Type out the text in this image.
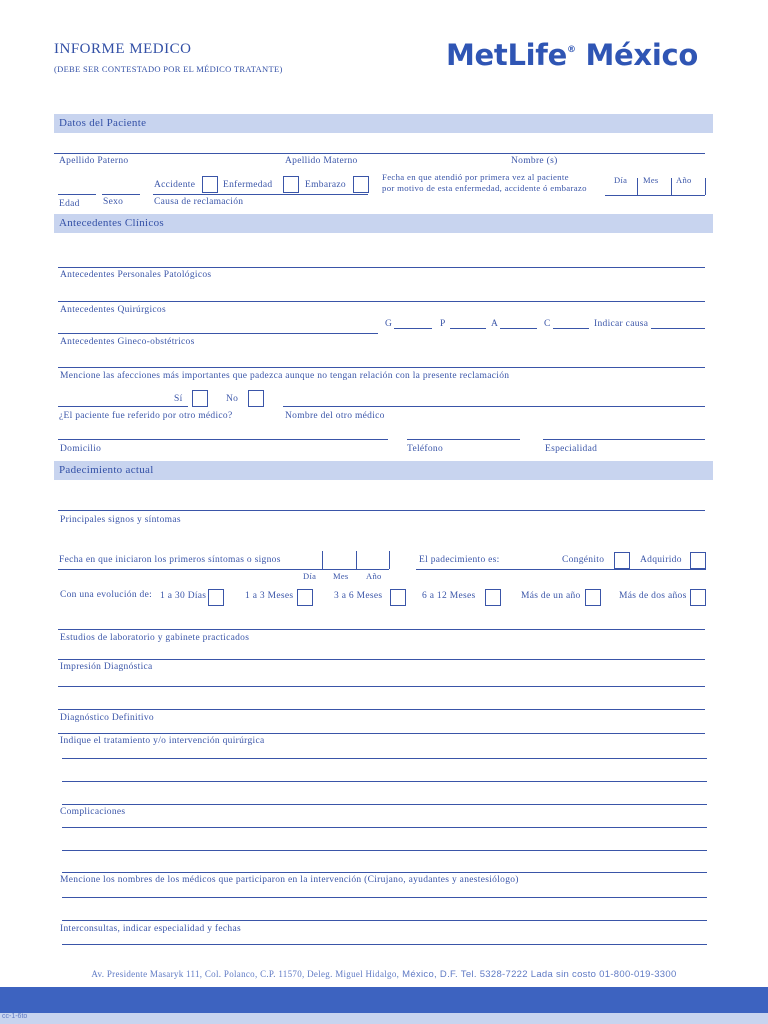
INFORME MEDICO
(DEBE SER CONTESTADO POR EL MÉDICO TRATANTE)	MetLife® México
Datos del Paciente
Apellido Paterno	Apellido Materno	Nombre (s)
Accidente	Enfermedad	Embarazo
Fecha en que atendió por primera vez al paciente
por motivo de esta enfermedad, accidente ó embarazo
Día Mes Año
Edad Sexo	Causa de reclamación
Antecedentes Clínicos
Antecedentes Personales Patológicos
Antecedentes Quirúrgicos
G	P	A	C	Indicar causa
Antecedentes Gineco-obstétricos
Mencione las afecciones más importantes que padezca aunque no tengan relación con la presente reclamación
Sí	No
¿El paciente fue referido por otro médico?	Nombre del otro médico
Domicilio	Teléfono	Especialidad
Padecimiento actual
Principales signos y síntomas
Fecha en que iniciaron los primeros síntomas o signos
Día Mes Año
El padecimiento es:	Congénito	Adquirido
Con una evolución de: 1 a 30 Días	1 a 3 Meses	3 a 6 Meses	6 a 12 Meses	Más de un año	Más de dos años
Estudios de laboratorio y gabinete practicados
Impresión Diagnóstica
Diagnóstico Definitivo
Indique el tratamiento y/o intervención quirúrgica
Complicaciones
Mencione los nombres de los médicos que participaron en la intervención (Cirujano, ayudantes y anestesiólogo)
Interconsultas, indicar especialidad y fechas
Av. Presidente Masaryk 111, Col. Polanco, C.P. 11570, Deleg. Miguel Hidalgo, México, D.F. Tel. 5328-7222 Lada sin costo 01-800-019-3300
cc-1-6to
